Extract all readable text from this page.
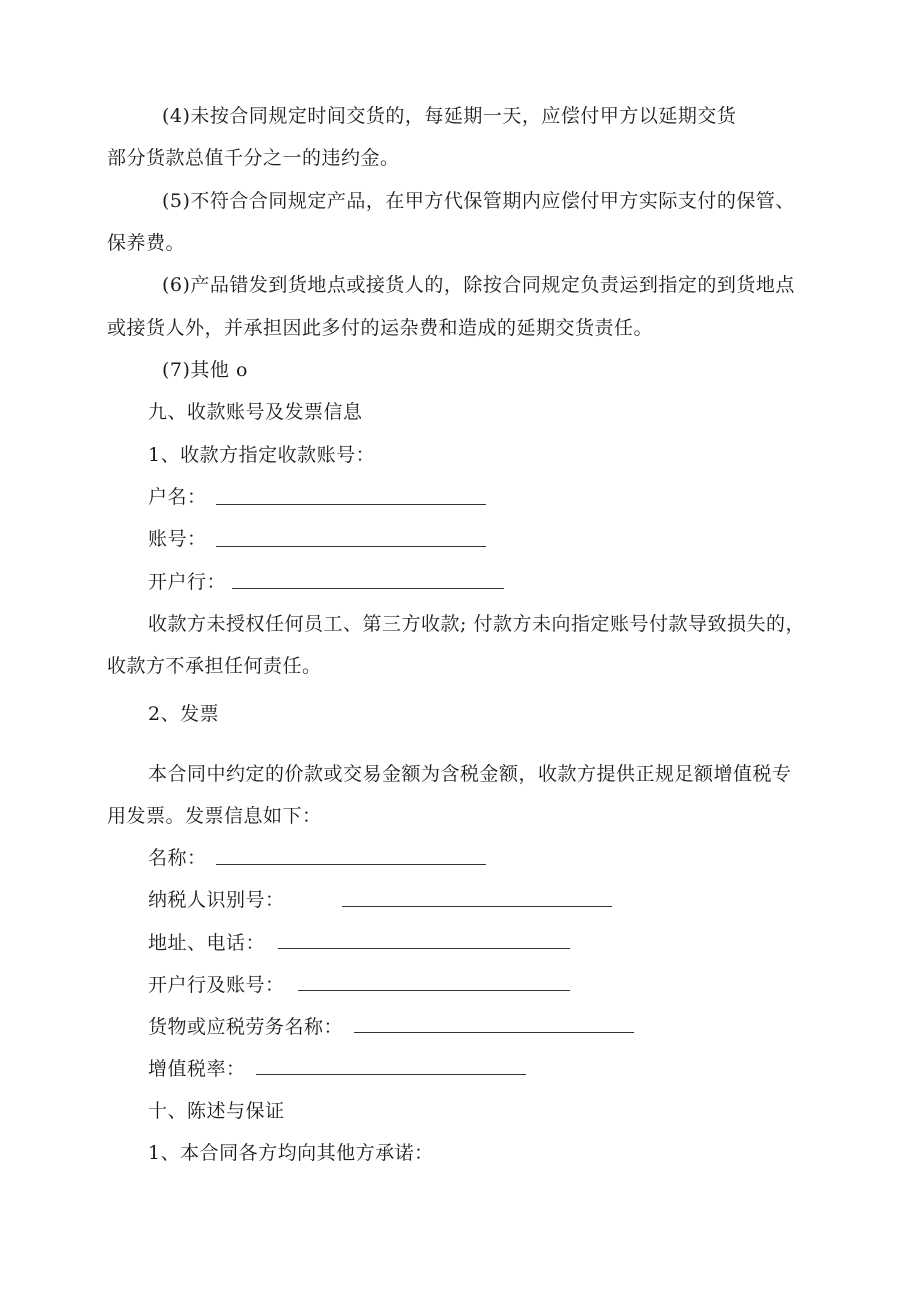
(4)未按合同规定时间交货的，每延期一天，应偿付甲方以延期交货
部分货款总值千分之一的违约金。
(5)不符合合同规定产品，在甲方代保管期内应偿付甲方实际支付的保管、
保养费。
(6)产品错发到货地点或接货人的，除按合同规定负责运到指定的到货地点
或接货人外，并承担因此多付的运杂费和造成的延期交货责任。
(7)其他 o
九、收款账号及发票信息
1、收款方指定收款账号：
户名：
账号：
开户行：
收款方未授权任何员工、第三方收款; 付款方未向指定账号付款导致损失的，
收款方不承担任何责任。
2、发票
本合同中约定的价款或交易金额为含税金额，收款方提供正规足额增值税专
用发票。发票信息如下：
名称：
纳税人识别号：
地址、电话：
开户行及账号：
货物或应税劳务名称：
增值税率：
十、陈述与保证
1、本合同各方均向其他方承诺：
